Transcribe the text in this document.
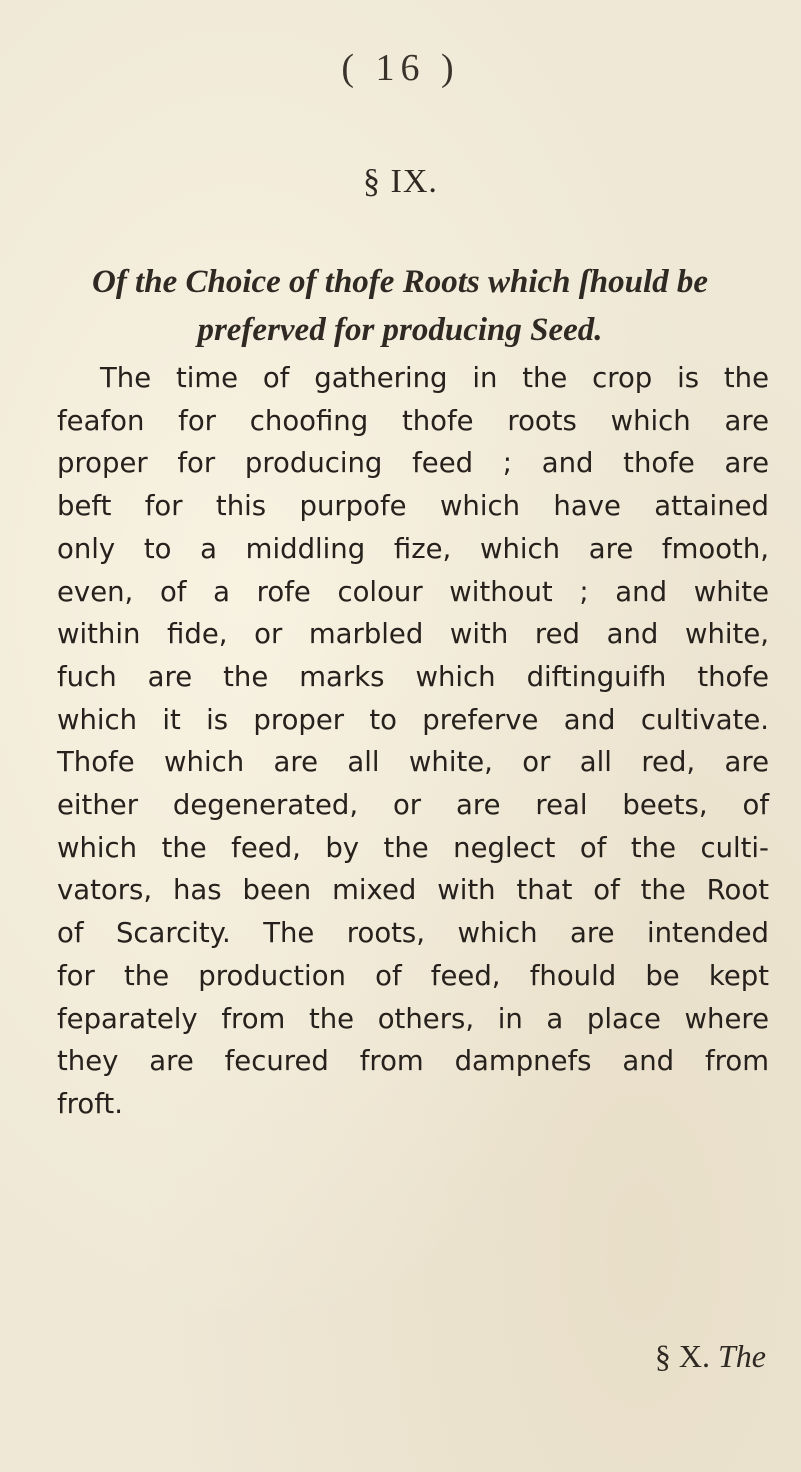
( 16 )
§ IX.
Of the Choice of thofe Roots which ſhould be
preferved for producing Seed.
The time of gathering in the crop is the
feafon for choofing thofe roots which are
proper for producing feed ; and thofe are
beft for this purpofe which have attained
only to a middling fize, which are fmooth,
even, of a rofe colour without ; and white
within fide, or marbled with red and white,
fuch are the marks which diftinguifh thofe
which it is proper to preferve and cultivate.
Thofe which are all white, or all red, are
either degenerated, or are real beets, of
which the feed, by the neglect of the culti-
vators, has been mixed with that of the Root
of Scarcity. The roots, which are intended
for the production of feed, fhould be kept
feparately from the others, in a place where
they are fecured from dampnefs and from
froft.
§ X. The
